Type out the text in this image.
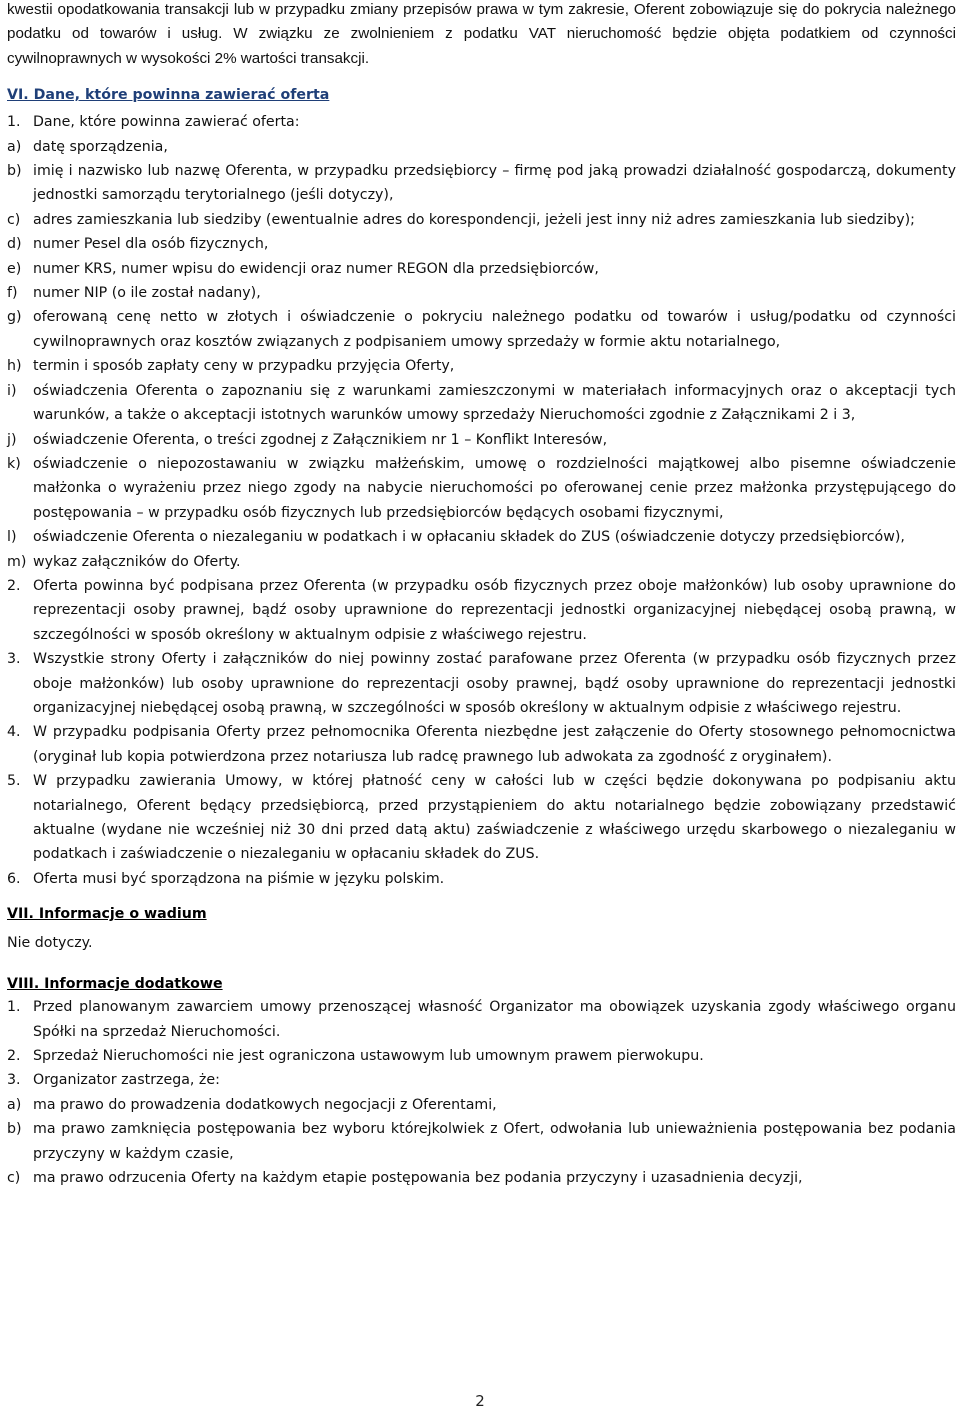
kwestii opodatkowania transakcji lub w przypadku zmiany przepisów prawa w tym zakresie, Oferent zobowiązuje się do pokrycia należnego podatku od towarów i usług. W związku ze zwolnieniem z podatku VAT nieruchomość będzie objęta podatkiem od czynności cywilnoprawnych w wysokości 2% wartości transakcji.

VI. Dane, które powinna zawierać oferta
1. Dane, które powinna zawierać oferta:
a) datę sporządzenia,
b) imię i nazwisko lub nazwę Oferenta, w przypadku przedsiębiorcy – firmę pod jaką prowadzi działalność gospodarczą, dokumenty jednostki samorządu terytorialnego (jeśli dotyczy),
c) adres zamieszkania lub siedziby (ewentualnie adres do korespondencji, jeżeli jest inny niż adres zamieszkania lub siedziby);
d) numer Pesel dla osób fizycznych,
e) numer KRS, numer wpisu do ewidencji oraz numer REGON dla przedsiębiorców,
f)	numer NIP (o ile został nadany),
g) oferowaną cenę netto w złotych i oświadczenie o pokryciu należnego podatku od towarów i usług/podatku od czynności cywilnoprawnych oraz kosztów związanych z podpisaniem umowy sprzedaży w formie aktu notarialnego,
h) termin i sposób zapłaty ceny w przypadku przyjęcia Oferty,
i)	oświadczenia Oferenta o zapoznaniu się z warunkami zamieszczonymi w materiałach informacyjnych oraz o akceptacji tych warunków, a także o akceptacji istotnych warunków umowy sprzedaży Nieruchomości zgodnie z Załącznikami 2 i 3,
j)	oświadczenie Oferenta, o treści zgodnej z Załącznikiem nr 1 – Konflikt Interesów,
k) oświadczenie o niepozostawaniu w związku małżeńskim, umowę o rozdzielności majątkowej albo pisemne oświadczenie małżonka o wyrażeniu przez niego zgody na nabycie nieruchomości po oferowanej cenie przez małżonka przystępującego do postępowania – w przypadku osób fizycznych lub przedsiębiorców będących osobami fizycznymi,
l)	oświadczenie Oferenta o niezaleganiu w podatkach i w opłacaniu składek do ZUS (oświadczenie dotyczy przedsiębiorców),
m) wykaz załączników do Oferty.
2. Oferta powinna być podpisana przez Oferenta (w przypadku osób fizycznych przez oboje małżonków) lub osoby uprawnione do reprezentacji osoby prawnej, bądź osoby uprawnione do reprezentacji jednostki organizacyjnej niebędącej osobą prawną, w szczególności w sposób określony w aktualnym odpisie z właściwego rejestru.
3. Wszystkie strony Oferty i załączników do niej powinny zostać parafowane przez Oferenta (w przypadku osób fizycznych przez oboje małżonków) lub osoby uprawnione do reprezentacji osoby prawnej, bądź osoby uprawnione do reprezentacji jednostki organizacyjnej niebędącej osobą prawną, w szczególności w sposób określony w aktualnym odpisie z właściwego rejestru.
4. W przypadku podpisania Oferty przez pełnomocnika Oferenta niezbędne jest załączenie do Oferty stosownego pełnomocnictwa (oryginał lub kopia potwierdzona przez notariusza lub radcę prawnego lub adwokata za zgodność z oryginałem).
5. W przypadku zawierania Umowy, w której płatność ceny w całości lub w części będzie dokonywana po podpisaniu aktu notarialnego, Oferent będący przedsiębiorcą, przed przystąpieniem do aktu notarialnego będzie zobowiązany przedstawić aktualne (wydane nie wcześniej niż 30 dni przed datą aktu) zaświadczenie z właściwego urzędu skarbowego o niezaleganiu w podatkach i zaświadczenie o niezaleganiu w opłacaniu składek do ZUS.
6. Oferta musi być sporządzona na piśmie w języku polskim.
VII. Informacje o wadium

Nie dotyczy.

VIII. Informacje dodatkowe
1. Przed planowanym zawarciem umowy przenoszącej własność Organizator ma obowiązek uzyskania zgody właściwego organu Spółki na sprzedaż Nieruchomości.
2. Sprzedaż Nieruchomości nie jest ograniczona ustawowym lub umownym prawem pierwokupu.
3. Organizator zastrzega, że:
a) ma prawo do prowadzenia dodatkowych negocjacji z Oferentami,
b) ma prawo zamknięcia postępowania bez wyboru którejkolwiek z Ofert, odwołania lub unieważnienia postępowania bez podania przyczyny w każdym czasie,
c) ma prawo odrzucenia Oferty na każdym etapie postępowania bez podania przyczyny i uzasadnienia decyzji,
2
